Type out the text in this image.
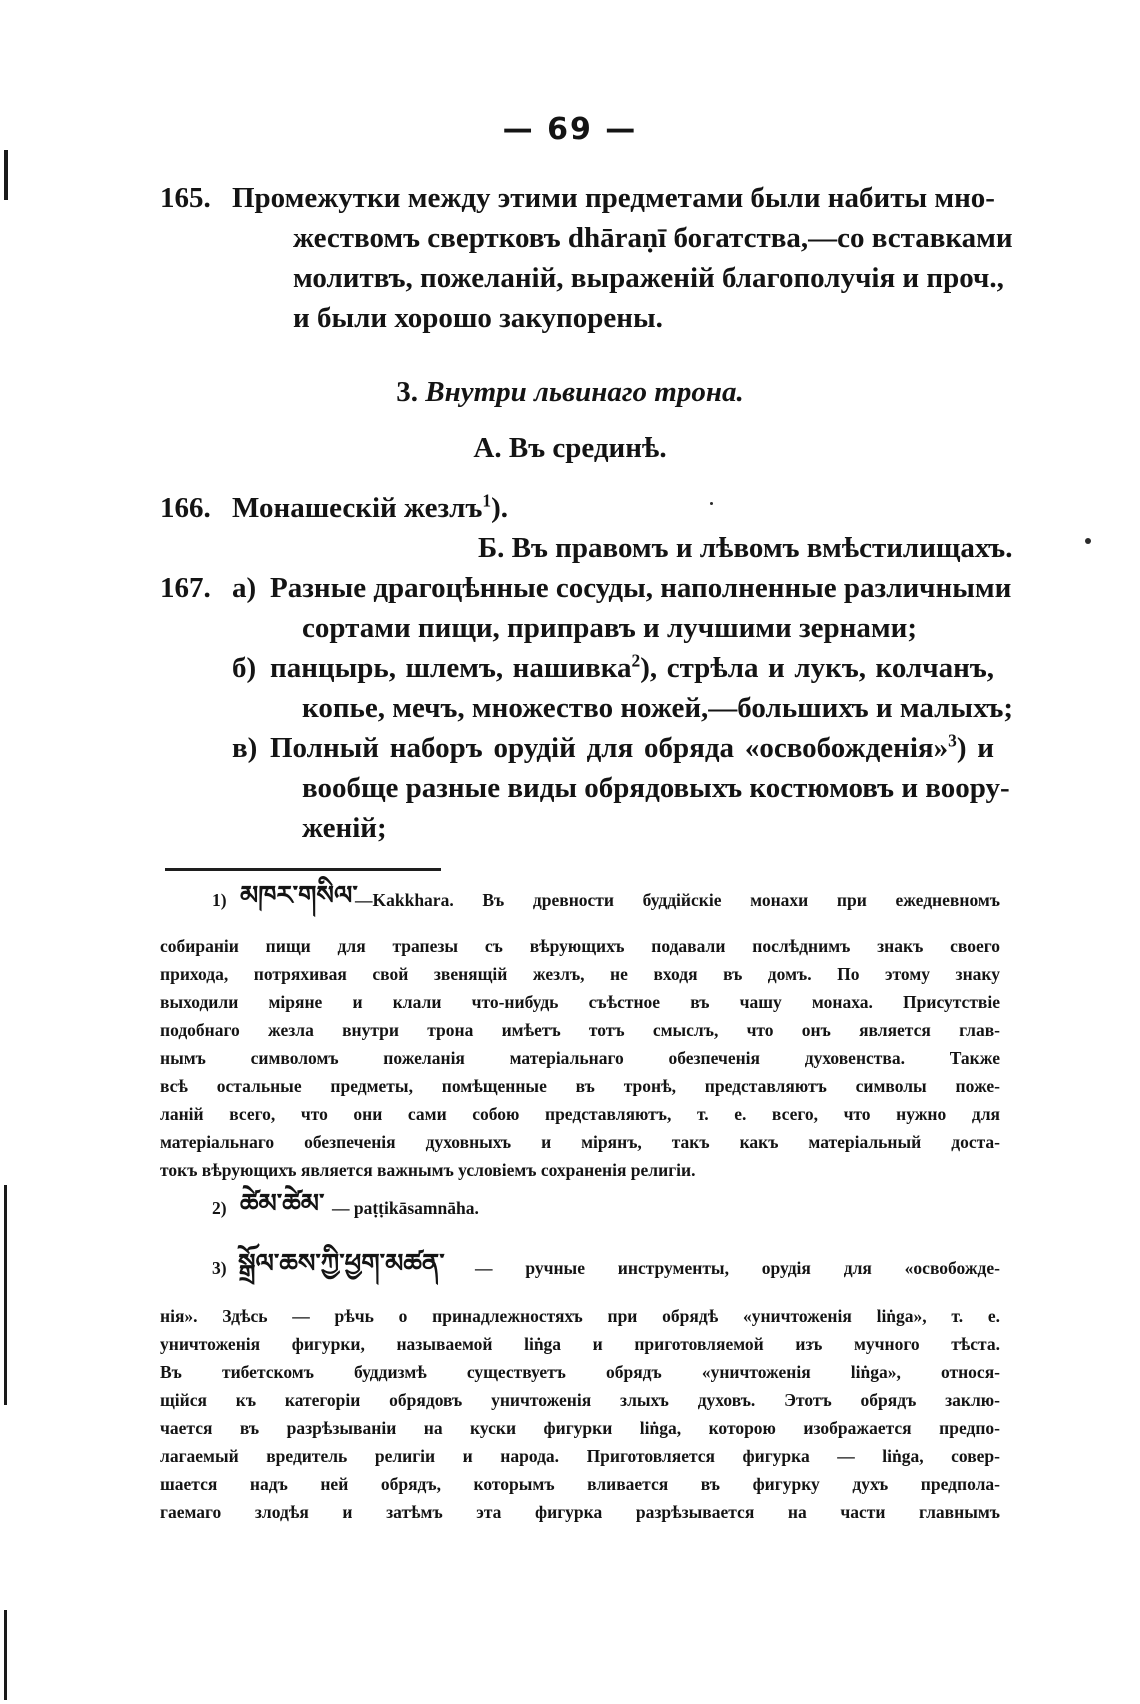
— 69 —
165. Промежутки между этими предметами были набиты мно-
жествомъ свертковъ dhāraṇī богатства,—со вставками
молитвъ, пожеланій, выраженій благополучія и проч.,
и были хорошо закупорены.
3. Внутри львинаго трона.
А. Въ срединѣ.
166. Монашескій жезлъ$^1$).
Б. Въ правомъ и лѣвомъ вмѣстилищахъ.
167. а) Разные драгоцѣнные сосуды, наполненные различными
сортами пищи, приправъ и лучшими зернами;
б) панцырь, шлемъ, нашивка$^2$), стрѣла и лукъ, колчанъ,
копье, мечъ, множество ножей,—большихъ и малыхъ;
в) Полный наборъ орудій для обряда «освобожденія»$^3$) и
вообще разные виды обрядовыхъ костюмовъ и воору-
женій;
1) མཁར་གསིལ་
—Kakkhara. Въ древности буддійскіе монахи при ежедневномъ
собираніи пищи для трапезы съ вѣрующихъ подавали послѣднимъ знакъ своего
прихода, потряхивая свой звенящій жезлъ, не входя въ домъ. По этому знаку
выходили міряне и клали что-нибудь съѣстное въ чашу монаха. Присутствіе
подобнаго жезла внутри трона имѣетъ тотъ смыслъ, что онъ является глав-
нымъ символомъ пожеланія матеріальнаго обезпеченія духовенства. Также
всѣ остальные предметы, помѣщенные въ тронѣ, представляютъ символы поже-
ланій всего, что они сами собою представляютъ, т. е. всего, что нужно для
матеріальнаго обезпеченія духовныхъ и мірянъ, такъ какъ матеріальный доста-
токъ вѣрующихъ является важнымъ условіемъ сохраненія религіи.
2) ཚེམ་ཚེམ་ — paṭṭikāsamnāha.
3) སྒྲོལ་ཆས་ཀྱི་ཕྱག་མཚན་ — ручные инструменты, орудія для «освобожде-
нія». Здѣсь — рѣчь о принадлежностяхъ при обрядѣ «уничтоженія liṅga», т. е.
уничтоженія фигурки, называемой liṅga и приготовляемой изъ мучного тѣста.
Въ тибетскомъ буддизмѣ существуетъ обрядъ «уничтоженія liṅga», относя-
щійся къ категоріи обрядовъ уничтоженія злыхъ духовъ. Этотъ обрядъ заклю-
чается въ разрѣзываніи на куски фигурки liṅga, которою изображается предпо-
лагаемый вредитель религіи и народа. Приготовляется фигурка — liṅga, совер-
шается надъ ней обрядъ, которымъ вливается въ фигурку духъ предпола-
гаемаго злодѣя и затѣмъ эта фигурка разрѣзывается на части главнымъ
